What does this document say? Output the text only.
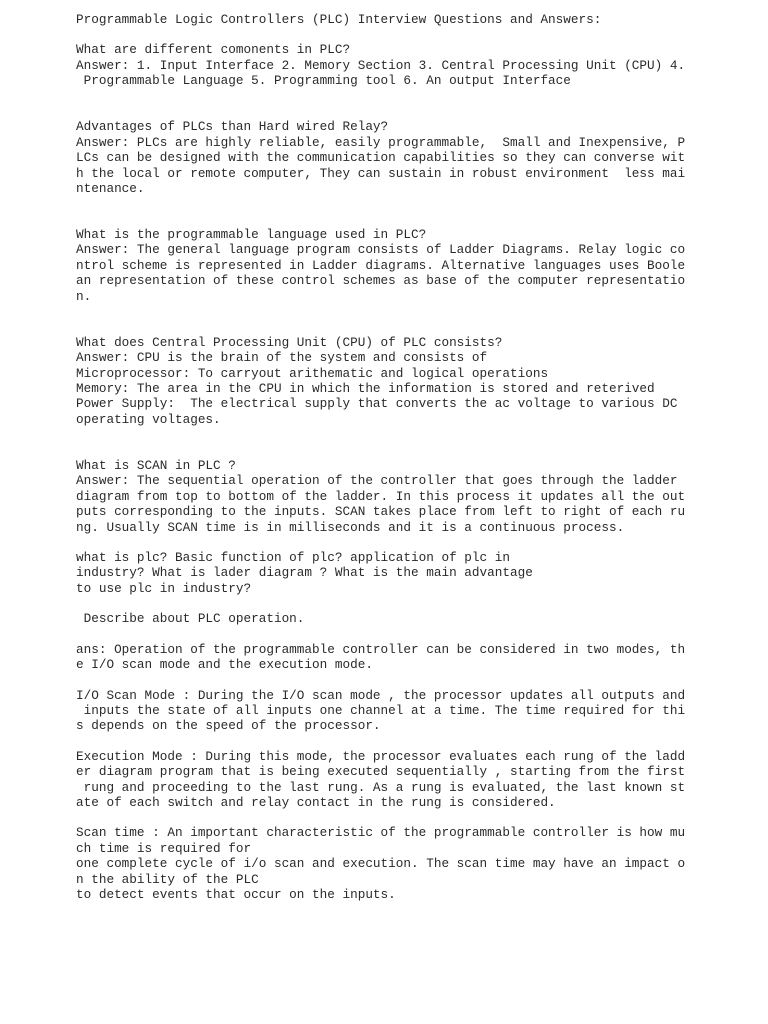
Programmable Logic Controllers (PLC) Interview Questions and Answers:
What are different comonents in PLC?
Answer: 1. Input Interface 2. Memory Section 3. Central Processing Unit (CPU) 4.
Programmable Language 5. Programming tool 6. An output Interface
Advantages of PLCs than Hard wired Relay?
Answer: PLCs are highly reliable, easily programmable,  Small and Inexpensive, P
LCs can be designed with the communication capabilities so they can converse wit
h the local or remote computer, They can sustain in robust environment  less mai
ntenance.
What is the programmable language used in PLC?
Answer: The general language program consists of Ladder Diagrams. Relay logic co
ntrol scheme is represented in Ladder diagrams. Alternative languages uses Boole
an representation of these control schemes as base of the computer representatio
n.
What does Central Processing Unit (CPU) of PLC consists?
Answer: CPU is the brain of the system and consists of
Microprocessor: To carryout arithematic and logical operations
Memory: The area in the CPU in which the information is stored and reterived
Power Supply:  The electrical supply that converts the ac voltage to various DC
operating voltages.
What is SCAN in PLC ?
Answer: The sequential operation of the controller that goes through the ladder
diagram from top to bottom of the ladder. In this process it updates all the out
puts corresponding to the inputs. SCAN takes place from left to right of each ru
ng. Usually SCAN time is in milliseconds and it is a continuous process.
what is plc? Basic function of plc? application of plc in
industry? What is lader diagram ? What is the main advantage
to use plc in industry?
Describe about PLC operation.
ans: Operation of the programmable controller can be considered in two modes, th
e I/O scan mode and the execution mode.
I/O Scan Mode : During the I/O scan mode , the processor updates all outputs and
inputs the state of all inputs one channel at a time. The time required for thi
s depends on the speed of the processor.
Execution Mode : During this mode, the processor evaluates each rung of the ladd
er diagram program that is being executed sequentially , starting from the first
rung and proceeding to the last rung. As a rung is evaluated, the last known st
ate of each switch and relay contact in the rung is considered.
Scan time : An important characteristic of the programmable controller is how mu
ch time is required for
one complete cycle of i/o scan and execution. The scan time may have an impact o
n the ability of the PLC
to detect events that occur on the inputs.
